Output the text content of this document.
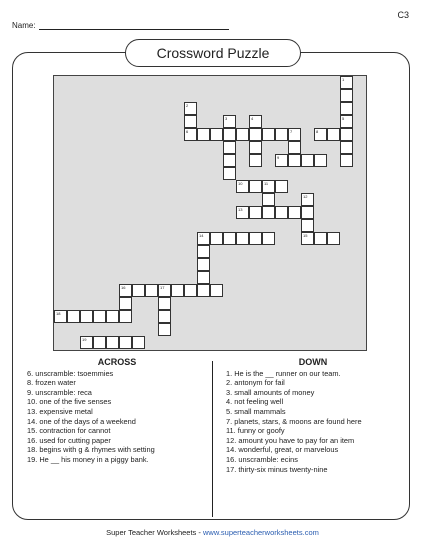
C3
Name:
Crossword Puzzle
1
5
2
6
3	4
7	8
9
10	11
12
15
13
14
16	17
18
19
ACROSS
6. unscramble: tsoemmies
8. frozen water
9. unscramble: reca
10. one of the five senses
13. expensive metal
14. one of the days of a weekend
15. contraction for cannot
16. used for cutting paper
18. begins with g & rhymes with setting
19. He __ his money in a piggy bank.
DOWN
1. He is the __ runner on our team.
2. antonym for fail
3. small amounts of money
4. not feeling well
5. small mammals
7. planets, stars, & moons are found here
11. funny or goofy
12. amount you have to pay for an item
14. wonderful, great, or marvelous
16. unscramble: ecins
17. thirty-six minus twenty-nine
Super Teacher Worksheets - www.superteacherworksheets.com
